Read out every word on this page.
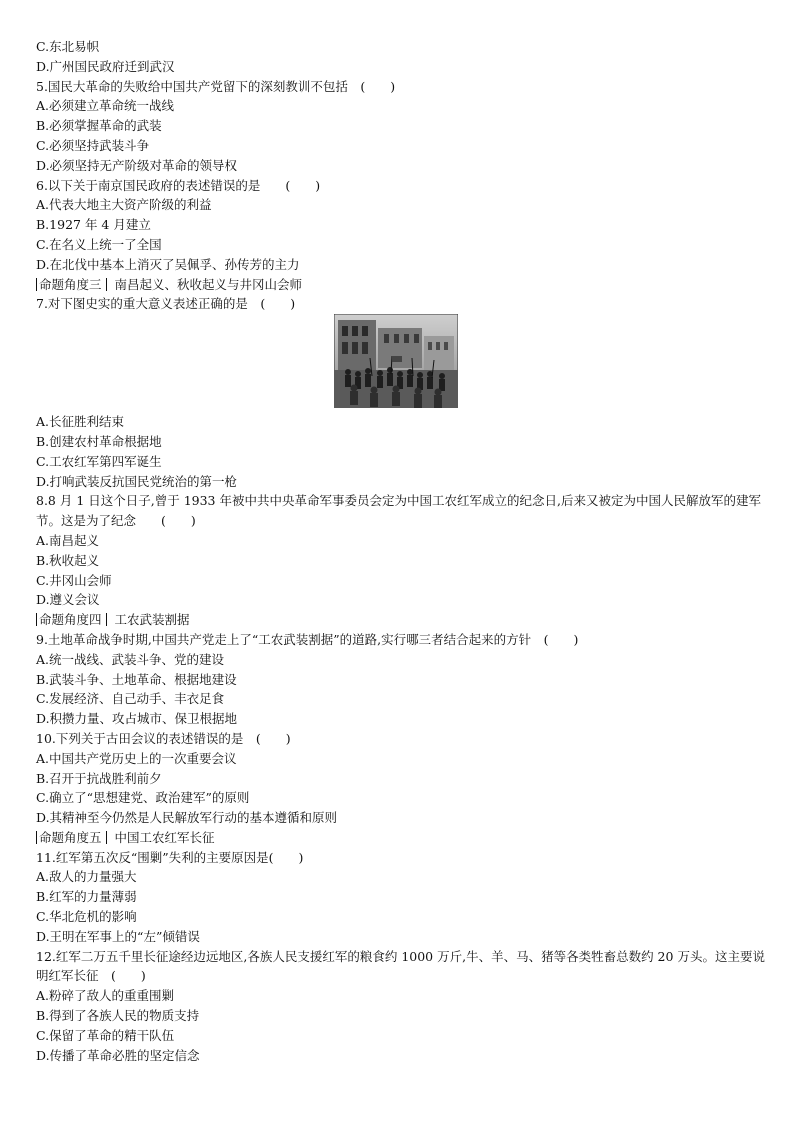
C.东北易帜
D.广州国民政府迁到武汉
5.国民大革命的失败给中国共产党留下的深刻教训不包括　(　　)
A.必须建立革命统一战线
B.必须掌握革命的武装
C.必须坚持武装斗争
D.必须坚持无产阶级对革命的领导权
6.以下关于南京国民政府的表述错误的是　　(　　)
A.代表大地主大资产阶级的利益
B.1927 年 4 月建立
C.在名义上统一了全国
D.在北伐中基本上消灭了吴佩孚、孙传芳的主力
命题角度三 南昌起义、秋收起义与井冈山会师
7.对下图史实的重大意义表述正确的是　(　　)
A.长征胜利结束
B.创建农村革命根据地
C.工农红军第四军诞生
D.打响武装反抗国民党统治的第一枪
8.8 月 1 日这个日子,曾于 1933 年被中共中央革命军事委员会定为中国工农红军成立的纪念日,后来又被定为中国人民解放军的建军节。这是为了纪念　　(　　)
A.南昌起义
B.秋收起义
C.井冈山会师
D.遵义会议
命题角度四 工农武装割据
9.土地革命战争时期,中国共产党走上了“工农武装割据”的道路,实行哪三者结合起来的方针　(　　)
A.统一战线、武装斗争、党的建设
B.武装斗争、土地革命、根据地建设
C.发展经济、自己动手、丰衣足食
D.积攒力量、攻占城市、保卫根据地
10.下列关于古田会议的表述错误的是　(　　)
A.中国共产党历史上的一次重要会议
B.召开于抗战胜利前夕
C.确立了“思想建党、政治建军”的原则
D.其精神至今仍然是人民解放军行动的基本遵循和原则
命题角度五 中国工农红军长征
11.红军第五次反“围剿”失利的主要原因是(　　)
A.敌人的力量强大
B.红军的力量薄弱
C.华北危机的影响
D.王明在军事上的“左”倾错误
12.红军二万五千里长征途经边远地区,各族人民支援红军的粮食约 1000 万斤,牛、羊、马、猪等各类牲畜总数约 20 万头。这主要说明红军长征　(　　)
A.粉碎了敌人的重重围剿
B.得到了各族人民的物质支持
C.保留了革命的精干队伍
D.传播了革命必胜的坚定信念
